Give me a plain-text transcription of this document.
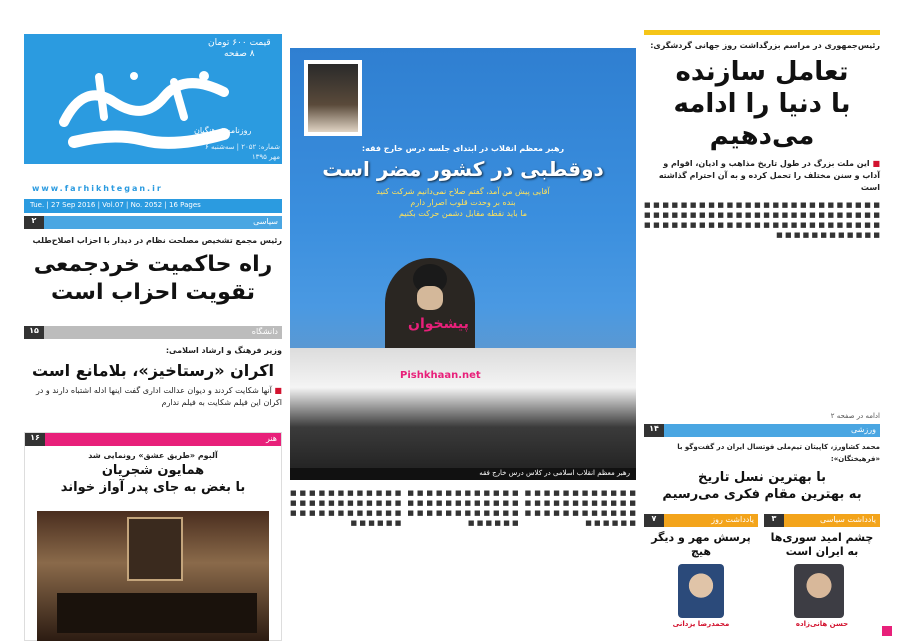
قیمت ۶۰۰ تومان
۸ صفحه
روزنامه فرهنگیان
شماره: ۲۰۵۲ | سه‌شنبه ۶ مهر ۱۳۹۵
www.farhikhtegan.ir
Tue. | 27 Sep 2016 | Vol.07 | No. 2052 | 16 Pages
سیاسی
۲
رئیس مجمع تشخیص مصلحت نظام در دیدار با احزاب اصلاح‌طلب
راه حاکمیت خردجمعی
تقویت احزاب است
دانشگاه
۱۵
وزیر فرهنگ و ارشاد اسلامی:
اکران «رستاخیز»، بلامانع است
■ آنها شکایت کردند و دیوان عدالت اداری گفت اینها ادله اشتباه دارند و در اکران این فیلم شکایت به فیلم ندارم
هنر
۱۶
آلبوم «طریق عشق» رونمایی شد
همایون شجریان
با بغض به جای پدر آواز خواند
رهبر معظم انقلاب در ابتدای جلسه درس خارج فقه:
دوقطبی در کشور مضر است
آقایی پیش من آمد، گفتم صلاح نمی‌دانیم شرکت کنید
بنده بر وحدت قلوب اصرار دارم
ما باید نقطه مقابل دشمن حرکت بکنیم
پیشخوان
Pishkhaan.net
رهبر معظم انقلاب اسلامی در کلاس درس خارج فقه
■ ■ ■ ■ ■ ■ ■ ■ ■ ■ ■ ■ ■ ■ ■ ■ ■ ■ ■ ■ ■ ■ ■ ■ ■ ■ ■ ■ ■ ■ ■ ■ ■ ■ ■ ■ ■ ■ ■ ■ ■ ■
■ ■ ■ ■ ■ ■ ■ ■ ■ ■ ■ ■ ■ ■ ■ ■ ■ ■ ■ ■ ■ ■ ■ ■ ■ ■ ■ ■ ■ ■ ■ ■ ■ ■ ■ ■ ■ ■ ■ ■ ■ ■
■ ■ ■ ■ ■ ■ ■ ■ ■ ■ ■ ■ ■ ■ ■ ■ ■ ■ ■ ■ ■ ■ ■ ■ ■ ■ ■ ■ ■ ■ ■ ■ ■ ■ ■ ■ ■ ■ ■ ■ ■ ■
رئیس‌جمهوری در مراسم بزرگداشت روز جهانی گردشگری:
تعامل سازنده
با دنیا را ادامه می‌دهیم
■ این ملت بزرگ در طول تاریخ مذاهب و ادیان، اقوام و آداب و سنن مختلف را تحمل کرده و به آن احترام گذاشته است
■ ■ ■ ■ ■ ■ ■ ■ ■ ■ ■ ■ ■ ■ ■ ■ ■ ■ ■ ■ ■ ■ ■ ■ ■ ■ ■ ■ ■ ■ ■ ■ ■ ■ ■ ■ ■ ■ ■ ■ ■ ■ ■ ■ ■ ■ ■ ■ ■ ■ ■ ■ ■ ■ ■ ■ ■ ■ ■ ■ ■ ■ ■ ■ ■ ■ ■ ■ ■ ■ ■ ■ ■ ■ ■ ■ ■ ■ ■ ■ ■ ■ ■ ■ ■ ■ ■ ■ ■ ■
ادامه در صفحه ۲
ورزشی
۱۴
محمد کشاورز، کاپیتان تیم‌ملی فوتسال ایران در گفت‌وگو با «فرهیختگان»:
با بهترین نسل تاریخ
به بهترین مقام فکری می‌رسیم
یادداشت سیاسی
۳
چشم امید سوری‌ها به ایران است
حسن هانی‌زاده
یادداشت روز
۷
پرسش مهر و دیگر هیچ
محمدرضا یزدانی
